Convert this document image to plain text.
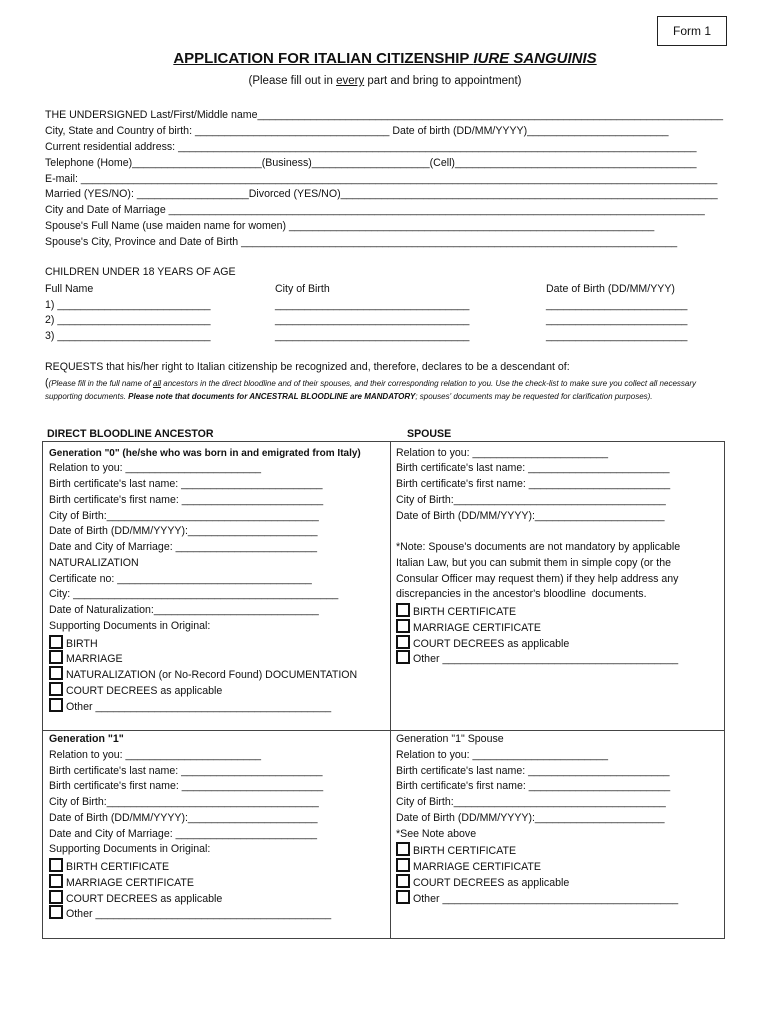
Form 1
APPLICATION FOR ITALIAN CITIZENSHIP IURE SANGUINIS
(Please fill out in every part and bring to appointment)
THE UNDERSIGNED Last/First/Middle name_______________________________________________________________________________
City, State and Country of birth: _________________________________ Date of birth (DD/MM/YYYY)________________________
Current residential address: ________________________________________________________________________________________
Telephone (Home)______________________(Business)____________________(Cell)_________________________________________
E-mail: ____________________________________________________________________________________________________________
Married (YES/NO): ___________________Divorced (YES/NO)________________________________________________________________
City and Date of Marriage ___________________________________________________________________________________________
Spouse's Full Name (use maiden name for women) ______________________________________________________________
Spouse's City, Province and Date of Birth __________________________________________________________________________
CHILDREN UNDER 18 YEARS OF AGE
Full Name	City of Birth	Date of Birth (DD/MM/YYY)
1) __________________________	_________________________________	________________________
2) __________________________	_________________________________	________________________
3) __________________________	_________________________________	________________________
REQUESTS that his/her right to Italian citizenship be recognized and, therefore, declares to be a descendant of:
((Please fill in the full name of all ancestors in the direct bloodline and of their spouses, and their corresponding relation to you. Use the check-list to make sure you collect all necessary supporting documents. Please note that documents for ANCESTRAL BLOODLINE are MANDATORY; spouses' documents may be requested for clarification purposes).
DIRECT BLOODLINE ANCESTOR	SPOUSE
Generation "0" (he/she who was born in and emigrated from Italy)
Relation to you: _______________________
Birth certificate's last name: ________________________
Birth certificate's first name: ________________________
City of Birth:____________________________________
Date of Birth (DD/MM/YYYY):______________________
Date and City of Marriage: ________________________
NATURALIZATION
Certificate no: _________________________________
City: _____________________________________________
Date of Naturalization:____________________________
Supporting Documents in Original:
BIRTH
MARRIAGE
NATURALIZATION (or No-Record Found) DOCUMENTATION
COURT DECREES as applicable
Other ________________________________________
Relation to you: _______________________
Birth certificate's last name: ________________________
Birth certificate's first name: ________________________
City of Birth:____________________________________
Date of Birth (DD/MM/YYYY):______________________
*Note: Spouse's documents are not mandatory by applicable
Italian Law, but you can submit them in simple copy (or the
Consular Officer may request them) if they help address any
discrepancies in the ancestor's bloodline  documents.
BIRTH CERTIFICATE
MARRIAGE CERTIFICATE
COURT DECREES as applicable
Other ________________________________________
Generation "1"
Relation to you: _______________________
Birth certificate's last name: ________________________
Birth certificate's first name: ________________________
City of Birth:____________________________________
Date of Birth (DD/MM/YYYY):______________________
Date and City of Marriage: ________________________
Supporting Documents in Original:
BIRTH CERTIFICATE
MARRIAGE CERTIFICATE
COURT DECREES as applicable
Other ________________________________________
Generation "1" Spouse
Relation to you: _______________________
Birth certificate's last name: ________________________
Birth certificate's first name: ________________________
City of Birth:____________________________________
Date of Birth (DD/MM/YYYY):______________________
*See Note above
BIRTH CERTIFICATE
MARRIAGE CERTIFICATE
COURT DECREES as applicable
Other ________________________________________
